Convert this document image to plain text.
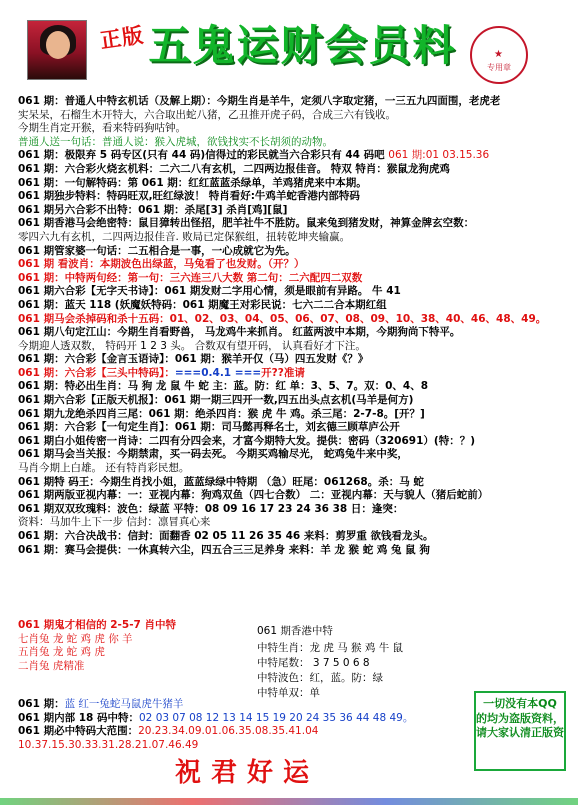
正版 五鬼运财会员料	★
专用章
061 期：普通人中特玄机话（及解上期）：今期生肖是羊牛，定须八字取定猪，一三五九四面围，老虎老
实呆呆，石榴生木开特大，六合取出蛇八猪，乙丑推开虎子码，合成三六有钱收。
今期生肖定开猴，看来特码狗咕钟。
普通人送一句话：普通人说：猴入虎城，欲钱找实不长胡须的动物。
061 期：极限弃 5 码专区(只有 44 码)信得过的彩民就当六合彩只有 44 码吧 061 期:01 03.15.36
061 期：六合彩火烧玄机料：二六二八有玄机，二四两边报佳音。 特双 特肖：猴鼠龙狗虎鸡
061 期：一句解特码：第 061 期：红红蓝蓝杀绿单，羊鸡猪虎来中本期。
061 期独步特料：特码旺双,旺红绿波！ 特肖看好:牛鸡羊蛇香港内部特码
061 期另六合彩不出特：061 期：杀尾[3] 杀肖[鸡][鼠]
061 期香港马会绝密特：鼠目獐转出怪招，肥羊社牛不胜防。鼠来兔到猪发财，神算金牌玄空数：
零四六九有玄机，二四两边报佳音. 败局已定保猴组，扭转乾坤夹输赢。
061 期管家婆一句话：二五相合是一事，一心成就它为先。
061 期 看波肖：本期波色出绿蓝，马兔看了也发财。（开？）
061 期：中特两句经：第一句：三六连三八大数 第二句：二六配四二双数
061 期六合彩【无字天书诗】：061 期发财二字用心情，须是眼前有异路。 牛 41
061 期：蓝天 118 (妖魔妖特码：061 期魔王对彩民说：七六二二合本期红组
061 期马会杀掉码和杀十五码：01、02、03、04、05、06、07、08、09、10、38、40、46、48、49。
061 期八句定江山：今期生肖看野兽， 马龙鸡牛来抓肖。 红蓝两波中本期，今期狗尚下特平。
今期迎人透双数， 特码开 1 2 3 头。 合数双有望开码， 认真看好才下注。
061 期：六合彩【金言玉语诗】：061 期：猴羊开仅（马）四五发财《？》
061 期：六合彩【三头中特码】：===0.4.1 ===开??准请
061 期：特必出生肖：马 狗 龙 鼠 牛 蛇 主：蓝。防：红 单：3、5、7。双：0、4、8
061 期六合彩【正版天机报】：061 期一期三四开一数,四五出头点玄机(马羊是何方)
061 期九龙绝杀四肖三尾：061 期：绝杀四肖：猴 虎 牛 鸡。杀三尾：2-7-8。[开？]
061 期：六合彩【一句定生肖】：061 期：司马懿再释名士，刘玄德三顾草庐公开
061 期白小姐传密一肖诗：二四有分四会来，才富今期特大发。提供：密码（320691）(特：？)
061 期马会当关报：今期禁肃，买一码去死。 今期买鸡输尽光， 蛇鸡兔牛来中奖，
马肖今期上白雄。 还有特肖彩民想。
061 期特 码王：今期生肖找小姐，蓝蓝绿绿中特期 （急）旺尾：061268。杀：马 蛇
061 期两版亚视内幕：一：亚视内幕：狗鸡双鱼（四七合数） 二：亚视内幕：天与貌人（猪后蛇前）
061 期双双玫瑰料：波色：绿蓝 平特：08 09 16 17 23 24 36 38 日：逢突：
资料：马加牛上下一步 信封：凛冒真心来
061 期：六合决战书：信封：面翻香 02 05 11 26 35 46 来料：剪罗重 欲钱看龙头。
061 期：赛马会提供：一休真转六尘，四五合三三足养身 来料：羊 龙 猴 蛇 鸡 兔 鼠 狗
061 期鬼才相信的 2-5-7 肖中特
七肖兔 龙 蛇 鸡 虎 你 羊
五肖兔 龙 蛇 鸡 虎
二肖兔 虎精准
061 期香港中特
中特生肖：龙 虎 马 猴 鸡 牛 鼠
中特尾数： 3 7 5 0 6 8
中特波色：红，蓝。防：绿
中特单双：单
061 期：蓝 红一兔蛇马鼠虎牛猪羊
061 期内部 18 码中特：02 03 07 08 12 13 14 15 19 20 24 35 36 44 48 49。
061 期必中特码大范围：20.23.34.09.01.06.35.08.35.41.04
10.37.15.30.33.31.28.21.07.46.49
一切没有本QQ 的均为盗版资料，请大家认清正版资
祝君好运
